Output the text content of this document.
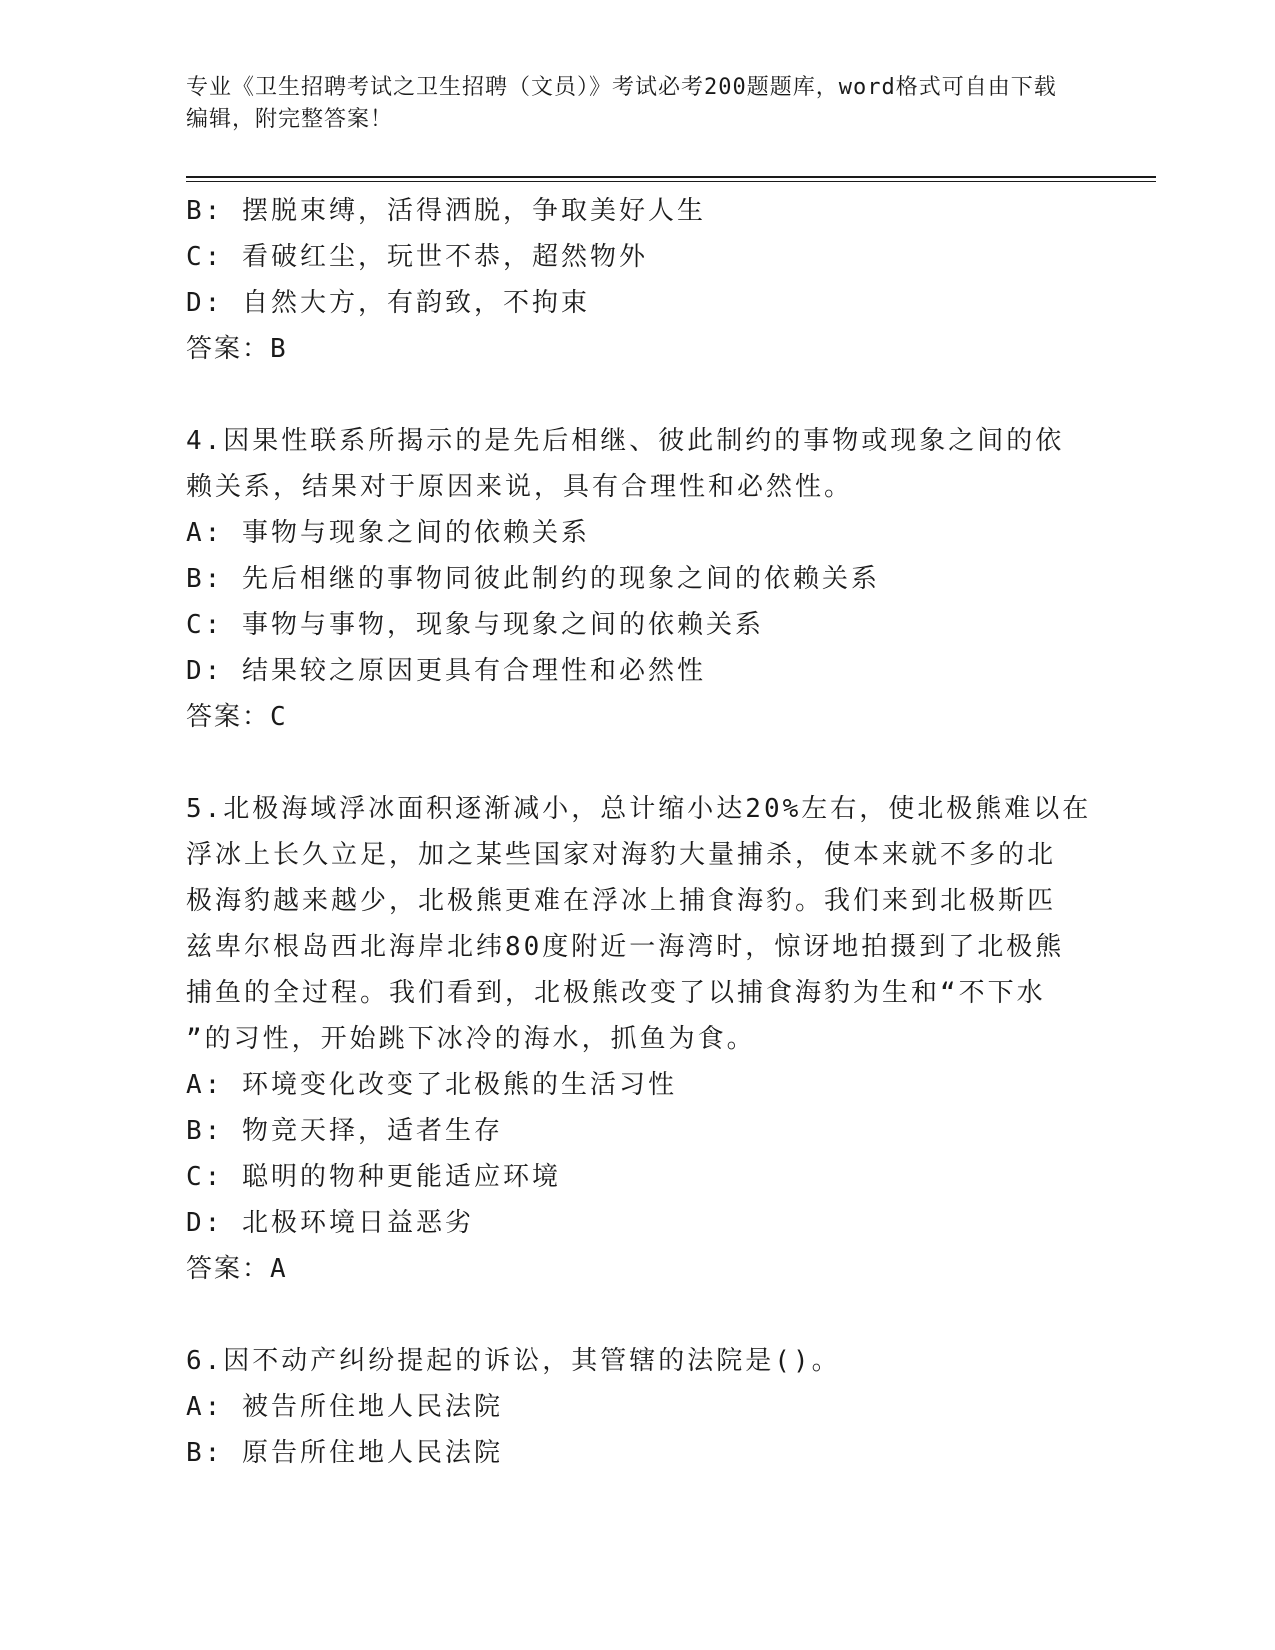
专业《卫生招聘考试之卫生招聘（文员）》考试必考200题题库，word格式可自由下载编辑，附完整答案！
B: 摆脱束缚，活得洒脱，争取美好人生
C: 看破红尘，玩世不恭，超然物外
D: 自然大方，有韵致，不拘束
答案：B
4.因果性联系所揭示的是先后相继、彼此制约的事物或现象之间的依
赖关系，结果对于原因来说，具有合理性和必然性。
A: 事物与现象之间的依赖关系
B: 先后相继的事物同彼此制约的现象之间的依赖关系
C: 事物与事物，现象与现象之间的依赖关系
D: 结果较之原因更具有合理性和必然性
答案：C
5.北极海域浮冰面积逐渐减小，总计缩小达20%左右，使北极熊难以在
浮冰上长久立足，加之某些国家对海豹大量捕杀，使本来就不多的北
极海豹越来越少，北极熊更难在浮冰上捕食海豹。我们来到北极斯匹
兹卑尔根岛西北海岸北纬80度附近一海湾时，惊讶地拍摄到了北极熊
捕鱼的全过程。我们看到，北极熊改变了以捕食海豹为生和“不下水
”的习性，开始跳下冰冷的海水，抓鱼为食。
A: 环境变化改变了北极熊的生活习性
B: 物竞天择，适者生存
C: 聪明的物种更能适应环境
D: 北极环境日益恶劣
答案：A
6.因不动产纠纷提起的诉讼，其管辖的法院是()。
A: 被告所住地人民法院
B: 原告所住地人民法院
